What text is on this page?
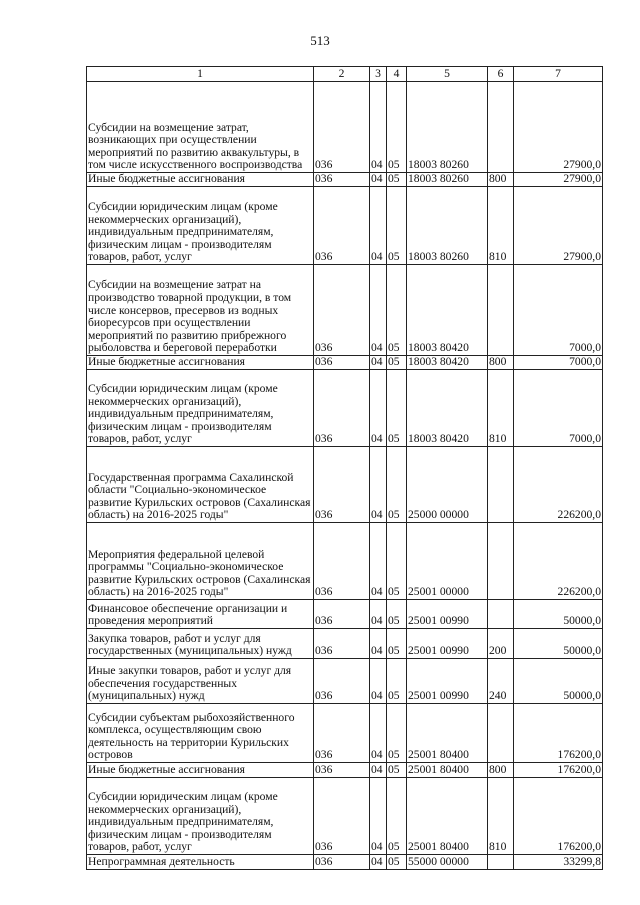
513
1	2	3	4	5	6	7
Субсидии на возмещение затрат, возникающих при осуществлении мероприятий по развитию аквакультуры, в том числе искусственного воспроизводства	036	04	05	18003 80260		27900,0
Иные бюджетные ассигнования	036	04	05	18003 80260	800	27900,0
Субсидии юридическим лицам (кроме некоммерческих организаций), индивидуальным предпринимателям, физическим лицам - производителям товаров, работ, услуг	036	04	05	18003 80260	810	27900,0
Субсидии на возмещение затрат на производство товарной продукции, в том числе консервов, пресервов из водных биоресурсов при осуществлении мероприятий по развитию прибрежного рыболовства и береговой переработки	036	04	05	18003 80420		7000,0
Иные бюджетные ассигнования	036	04	05	18003 80420	800	7000,0
Субсидии юридическим лицам (кроме некоммерческих организаций), индивидуальным предпринимателям, физическим лицам - производителям товаров, работ, услуг	036	04	05	18003 80420	810	7000,0
Государственная программа Сахалинской области "Социально-экономическое развитие Курильских островов (Сахалинская область) на 2016-2025 годы"	036	04	05	25000 00000		226200,0
Мероприятия федеральной целевой программы "Социально-экономическое развитие Курильских островов (Сахалинская область) на 2016-2025 годы"	036	04	05	25001 00000		226200,0
Финансовое обеспечение организации и проведения мероприятий	036	04	05	25001 00990		50000,0
Закупка товаров, работ и услуг для государственных (муниципальных) нужд	036	04	05	25001 00990	200	50000,0
Иные закупки товаров, работ и услуг для обеспечения государственных (муниципальных) нужд	036	04	05	25001 00990	240	50000,0
Субсидии субъектам рыбохозяйственного комплекса, осуществляющим свою деятельность на территории Курильских островов	036	04	05	25001 80400		176200,0
Иные бюджетные ассигнования	036	04	05	25001 80400	800	176200,0
Субсидии юридическим лицам (кроме некоммерческих организаций), индивидуальным предпринимателям, физическим лицам - производителям товаров, работ, услуг	036	04	05	25001 80400	810	176200,0
Непрограммная деятельность	036	04	05	55000 00000		33299,8
